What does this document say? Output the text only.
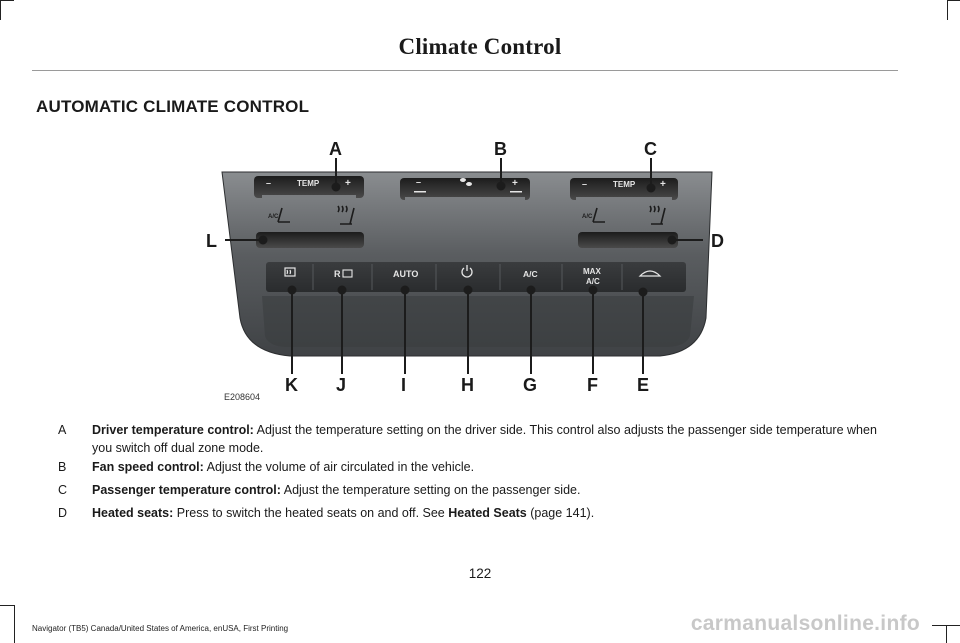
Climate Control
AUTOMATIC CLIMATE CONTROL
–	TEMP	+	–	+	–	TEMP +
A/C	A/C
R	AUTO	A/C	MAX
A/C
A	B	C
D
E
F
G
H
I
J
K
L
E208604
A Driver temperature control: Adjust the temperature setting on the driver side. This control also adjusts the passenger side temperature when you switch off dual zone mode.
B Fan speed control: Adjust the volume of air circulated in the vehicle.
C Passenger temperature control: Adjust the temperature setting on the passenger side.
D Heated seats: Press to switch the heated seats on and off. See Heated Seats (page 141).
122
Navigator (TB5) Canada/United States of America, enUSA, First Printing	carmanualsonline.info
